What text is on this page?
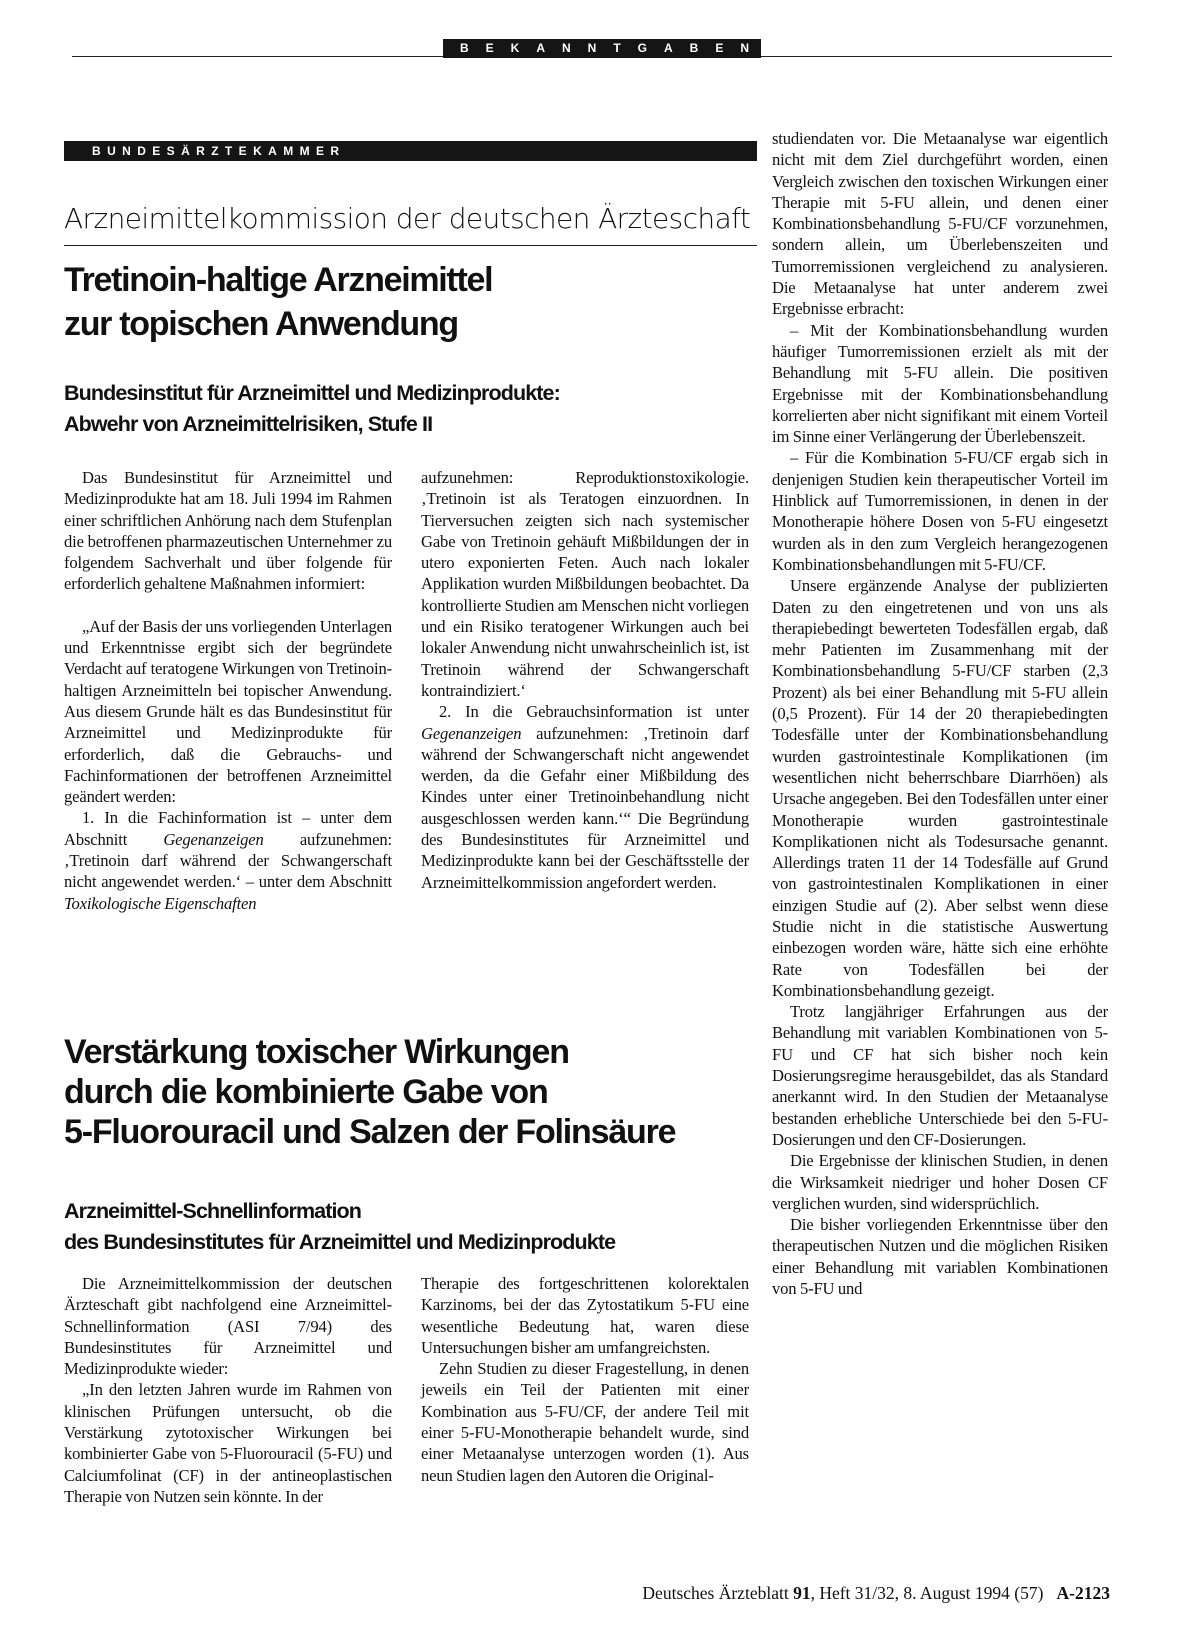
BEKANNTGABEN
BUNDESÄRZTEKAMMER
Arzneimittelkommission der deutschen Ärzteschaft
Tretinoin-haltige Arzneimittel
zur topischen Anwendung
Bundesinstitut für Arzneimittel und Medizinprodukte:
Abwehr von Arzneimittelrisiken, Stufe II

Das Bundesinstitut für Arzneimittel und Medizinprodukte hat am 18. Juli 1994 im Rahmen einer schriftlichen Anhörung nach dem Stufenplan die betroffenen pharmazeutischen Unternehmer zu folgendem Sachverhalt und über folgende für erforderlich gehaltene Maßnahmen informiert:

„Auf der Basis der uns vorliegenden Unterlagen und Erkenntnisse ergibt sich der begründete Verdacht auf teratogene Wirkungen von Tretinoin-haltigen Arzneimitteln bei topischer Anwendung. Aus diesem Grunde hält es das Bundesinstitut für Arzneimittel und Medizinprodukte für erforderlich, daß die Gebrauchs- und Fachinformationen der betroffenen Arzneimittel geändert werden:

1. In die Fachinformation ist – unter dem Abschnitt Gegenanzeigen aufzunehmen: ‚Tretinoin darf während der Schwangerschaft nicht angewendet werden.‘ – unter dem Abschnitt Toxikologische Eigenschaften

aufzunehmen: Reproduktionstoxikologie. ‚Tretinoin ist als Teratogen einzuordnen. In Tierversuchen zeigten sich nach systemischer Gabe von Tretinoin gehäuft Mißbildungen der in utero exponierten Feten. Auch nach lokaler Applikation wurden Mißbildungen beobachtet. Da kontrollierte Studien am Menschen nicht vorliegen und ein Risiko teratogener Wirkungen auch bei lokaler Anwendung nicht unwahrscheinlich ist, ist Tretinoin während der Schwangerschaft kontraindiziert.‘

2. In die Gebrauchsinformation ist unter Gegenanzeigen aufzunehmen: ‚Tretinoin darf während der Schwangerschaft nicht angewendet werden, da die Gefahr einer Mißbildung des Kindes unter einer Tretinoinbehandlung nicht ausgeschlossen werden kann.‘“ Die Begründung des Bundesinstitutes für Arzneimittel und Medizinprodukte kann bei der Geschäftsstelle der Arzneimittelkommission angefordert werden.

Verstärkung toxischer Wirkungen
durch die kombinierte Gabe von
5-Fluorouracil und Salzen der Folinsäure
Arzneimittel-Schnellinformation
des Bundesinstitutes für Arzneimittel und Medizinprodukte

Die Arzneimittelkommission der deutschen Ärzteschaft gibt nachfolgend eine Arzneimittel-Schnellinformation (ASI 7/94) des Bundesinstitutes für Arzneimittel und Medizinprodukte wieder:

„In den letzten Jahren wurde im Rahmen von klinischen Prüfungen untersucht, ob die Verstärkung zytotoxischer Wirkungen bei kombinierter Gabe von 5-Fluorouracil (5-FU) und Calciumfolinat (CF) in der antineoplastischen Therapie von Nutzen sein könnte. In der

Therapie des fortgeschrittenen kolorektalen Karzinoms, bei der das Zytostatikum 5-FU eine wesentliche Bedeutung hat, waren diese Untersuchungen bisher am umfangreichsten.

Zehn Studien zu dieser Fragestellung, in denen jeweils ein Teil der Patienten mit einer Kombination aus 5-FU/CF, der andere Teil mit einer 5-FU-Monotherapie behandelt wurde, sind einer Metaanalyse unterzogen worden (1). Aus neun Studien lagen den Autoren die Original-

studiendaten vor. Die Metaanalyse war eigentlich nicht mit dem Ziel durchgeführt worden, einen Vergleich zwischen den toxischen Wirkungen einer Therapie mit 5-FU allein, und denen einer Kombinationsbehandlung 5-FU/CF vorzunehmen, sondern allein, um Überlebenszeiten und Tumorremissionen vergleichend zu analysieren. Die Metaanalyse hat unter anderem zwei Ergebnisse erbracht:

– Mit der Kombinationsbehandlung wurden häufiger Tumorremissionen erzielt als mit der Behandlung mit 5-FU allein. Die positiven Ergebnisse mit der Kombinationsbehandlung korrelierten aber nicht signifikant mit einem Vorteil im Sinne einer Verlängerung der Überlebenszeit.

– Für die Kombination 5-FU/CF ergab sich in denjenigen Studien kein therapeutischer Vorteil im Hinblick auf Tumorremissionen, in denen in der Monotherapie höhere Dosen von 5-FU eingesetzt wurden als in den zum Vergleich herangezogenen Kombinationsbehandlungen mit 5-FU/CF.

Unsere ergänzende Analyse der publizierten Daten zu den eingetretenen und von uns als therapiebedingt bewerteten Todesfällen ergab, daß mehr Patienten im Zusammenhang mit der Kombinationsbehandlung 5-FU/CF starben (2,3 Prozent) als bei einer Behandlung mit 5-FU allein (0,5 Prozent). Für 14 der 20 therapiebedingten Todesfälle unter der Kombinationsbehandlung wurden gastrointestinale Komplikationen (im wesentlichen nicht beherrschbare Diarrhöen) als Ursache angegeben. Bei den Todesfällen unter einer Monotherapie wurden gastrointestinale Komplikationen nicht als Todesursache genannt. Allerdings traten 11 der 14 Todesfälle auf Grund von gastrointestinalen Komplikationen in einer einzigen Studie auf (2). Aber selbst wenn diese Studie nicht in die statistische Auswertung einbezogen worden wäre, hätte sich eine erhöhte Rate von Todesfällen bei der Kombinationsbehandlung gezeigt.

Trotz langjähriger Erfahrungen aus der Behandlung mit variablen Kombinationen von 5-FU und CF hat sich bisher noch kein Dosierungsregime herausgebildet, das als Standard anerkannt wird. In den Studien der Metaanalyse bestanden erhebliche Unterschiede bei den 5-FU-Dosierungen und den CF-Dosierungen.

Die Ergebnisse der klinischen Studien, in denen die Wirksamkeit niedriger und hoher Dosen CF verglichen wurden, sind widersprüchlich.

Die bisher vorliegenden Erkenntnisse über den therapeutischen Nutzen und die möglichen Risiken einer Behandlung mit variablen Kombinationen von 5-FU und

Deutsches Ärzteblatt 91, Heft 31/32, 8. August 1994 (57) A-2123
